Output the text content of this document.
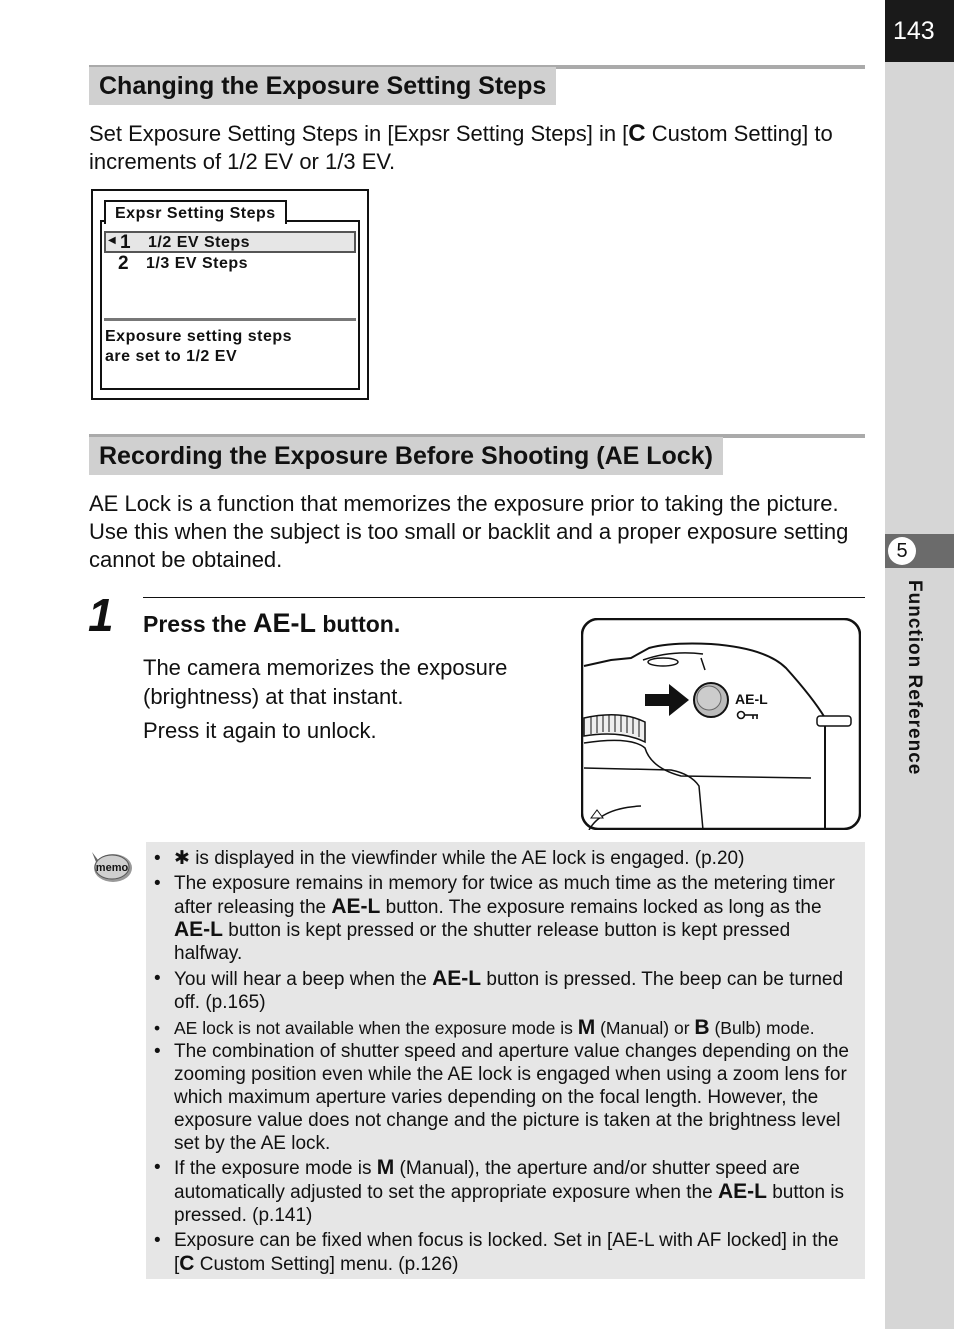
143
5
Function Reference
Changing the Exposure Setting Steps

Set Exposure Setting Steps in [Expsr Setting Steps] in [C Custom Setting] to increments of 1/2 EV or 1/3 EV.

Expsr Setting Steps
◀ 1 1/2 EV Steps
2 1/3 EV Steps
Exposure setting steps
are set to 1/2 EV
Recording the Exposure Before Shooting (AE Lock)

AE Lock is a function that memorizes the exposure prior to taking the picture. Use this when the subject is too small or backlit and a proper exposure setting cannot be obtained.

1 Press the AE-L button.

The camera memorizes the exposure

(brightness) at that instant.

Press it again to unlock.

AE-L
memo • ✱ is displayed in the viewfinder while the AE lock is engaged. (p.20)
• The exposure remains in memory for twice as much time as the metering timer after releasing the AE-L button. The exposure remains locked as long as the AE-L button is kept pressed or the shutter release button is kept pressed halfway.
• You will hear a beep when the AE-L button is pressed. The beep can be turned off. (p.165)
• AE lock is not available when the exposure mode is M (Manual) or B (Bulb) mode.
• The combination of shutter speed and aperture value changes depending on the zooming position even while the AE lock is engaged when using a zoom lens for which maximum aperture varies depending on the focal length. However, the exposure value does not change and the picture is taken at the brightness level set by the AE lock.
• If the exposure mode is M (Manual), the aperture and/or shutter speed are automatically adjusted to set the appropriate exposure when the AE-L button is pressed. (p.141)
• Exposure can be fixed when focus is locked. Set in [AE-L with AF locked] in the [C Custom Setting] menu. (p.126)
